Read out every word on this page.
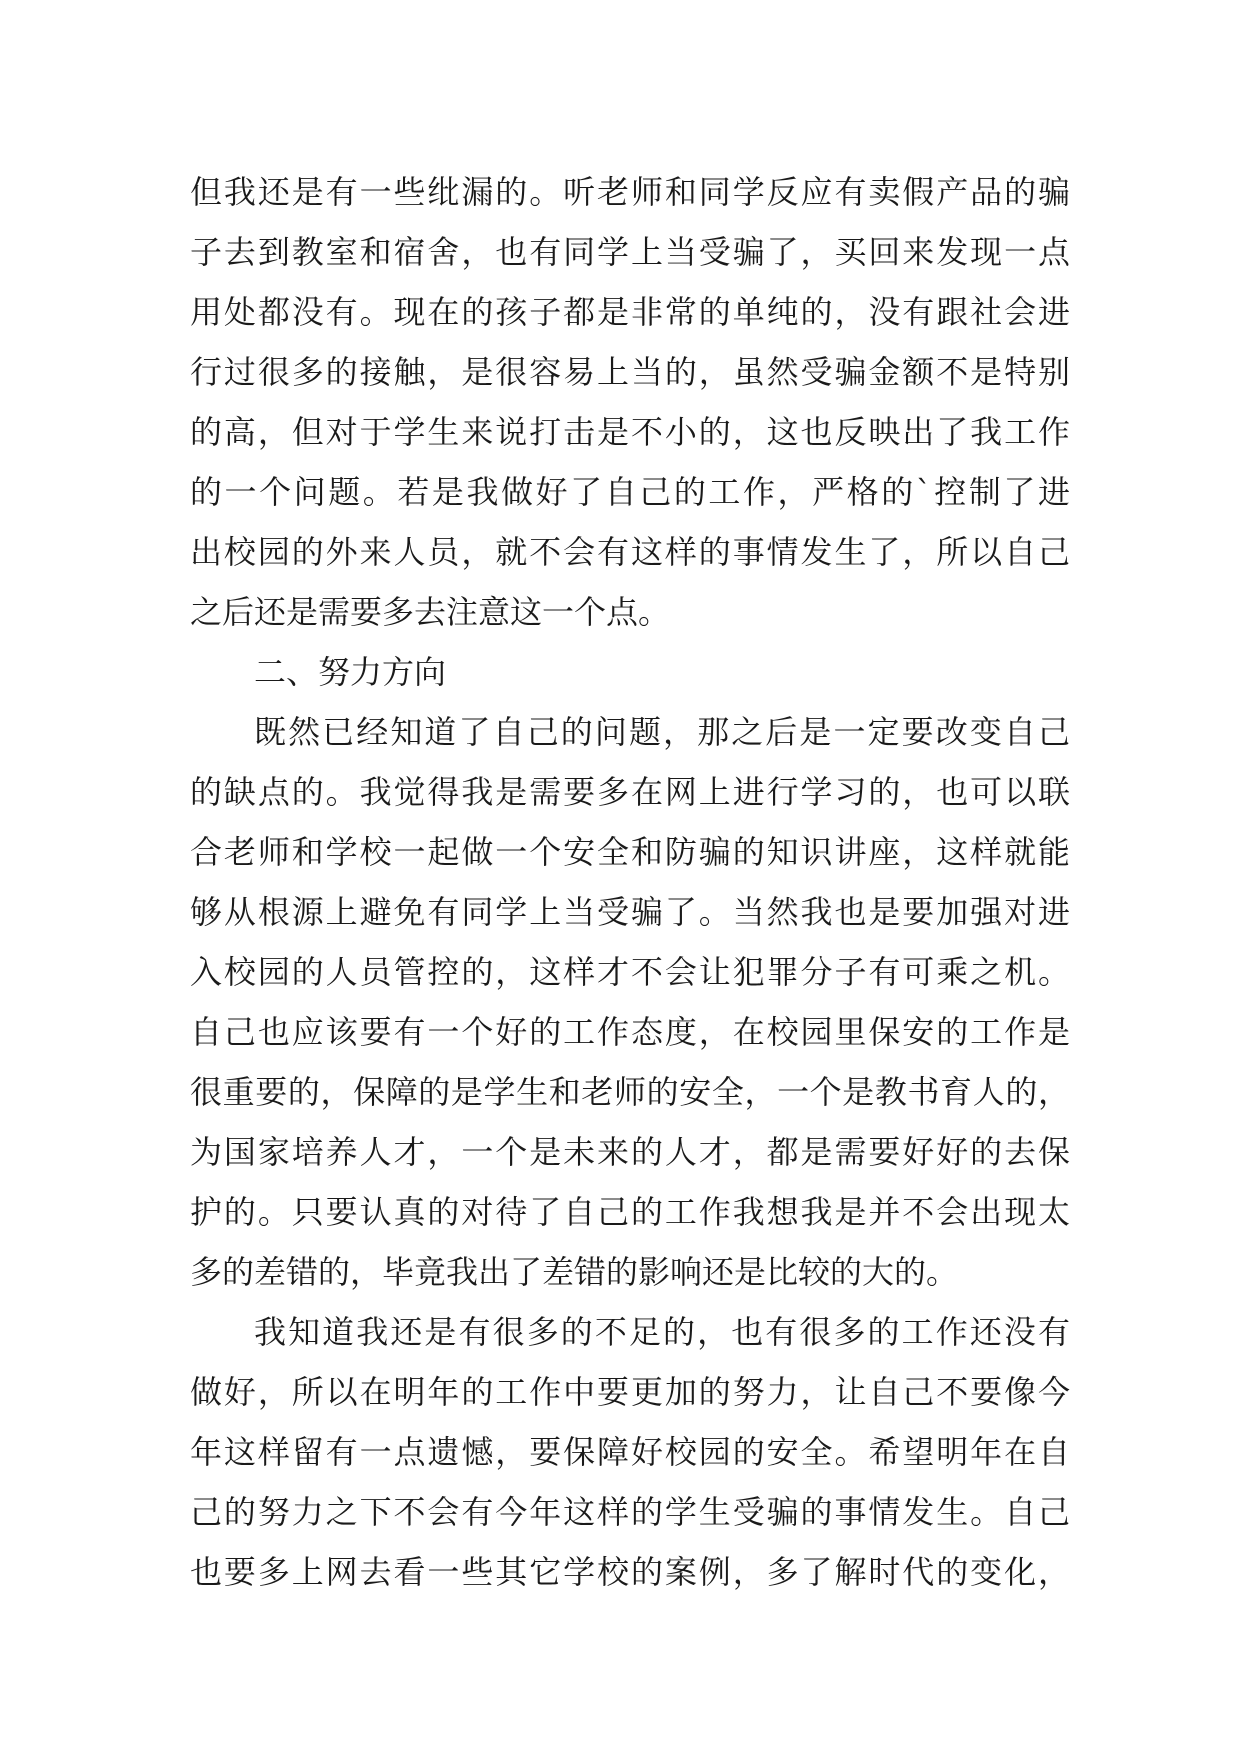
但我还是有一些纰漏的。听老师和同学反应有卖假产品的骗
子去到教室和宿舍，也有同学上当受骗了，买回来发现一点
用处都没有。现在的孩子都是非常的单纯的，没有跟社会进
行过很多的接触，是很容易上当的，虽然受骗金额不是特别
的高，但对于学生来说打击是不小的，这也反映出了我工作
的一个问题。若是我做好了自己的工作，严格的`控制了进
出校园的外来人员，就不会有这样的事情发生了，所以自己
之后还是需要多去注意这一个点。
二、努力方向
既然已经知道了自己的问题，那之后是一定要改变自己
的缺点的。我觉得我是需要多在网上进行学习的，也可以联
合老师和学校一起做一个安全和防骗的知识讲座，这样就能
够从根源上避免有同学上当受骗了。当然我也是要加强对进
入校园的人员管控的，这样才不会让犯罪分子有可乘之机。
自己也应该要有一个好的工作态度，在校园里保安的工作是
很重要的，保障的是学生和老师的安全，一个是教书育人的，
为国家培养人才，一个是未来的人才，都是需要好好的去保
护的。只要认真的对待了自己的工作我想我是并不会出现太
多的差错的，毕竟我出了差错的影响还是比较的大的。
我知道我还是有很多的不足的，也有很多的工作还没有
做好，所以在明年的工作中要更加的努力，让自己不要像今
年这样留有一点遗憾，要保障好校园的安全。希望明年在自
己的努力之下不会有今年这样的学生受骗的事情发生。自己
也要多上网去看一些其它学校的案例，多了解时代的变化，
